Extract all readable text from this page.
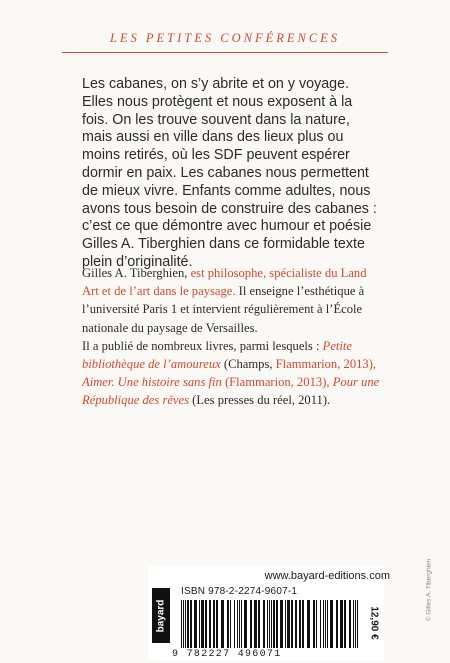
LES PETITES CONFÉRENCES

Les cabanes, on s’y abrite et on y voyage. Elles nous protègent et nous exposent à la fois. On les trouve souvent dans la nature, mais aussi en ville dans des lieux plus ou moins retirés, où les SDF peuvent espérer dormir en paix. Les cabanes nous permettent de mieux vivre. Enfants comme adultes, nous avons tous besoin de construire des cabanes : c’est ce que démontre avec humour et poésie Gilles A. Tiberghien dans ce formidable texte plein d’originalité.

Gilles A. Tiberghien, est philosophe, spécialiste du Land Art et de l’art dans le paysage. Il enseigne l’esthétique à l’université Paris 1 et intervient régulièrement à l’École nationale du paysage de Versailles.
Il a publié de nombreux livres, parmi lesquels : Petite bibliothèque de l’amoureux (Champs, Flammarion, 2013), Aimer. Une histoire sans fin (Flammarion, 2013), Pour une République des rêves (Les presses du réel, 2011).

www.bayard-editions.com
bayard
ISBN 978-2-2274-9607-1
9 782227 496071
12,90 €
© Gilles A. Tiberghien
